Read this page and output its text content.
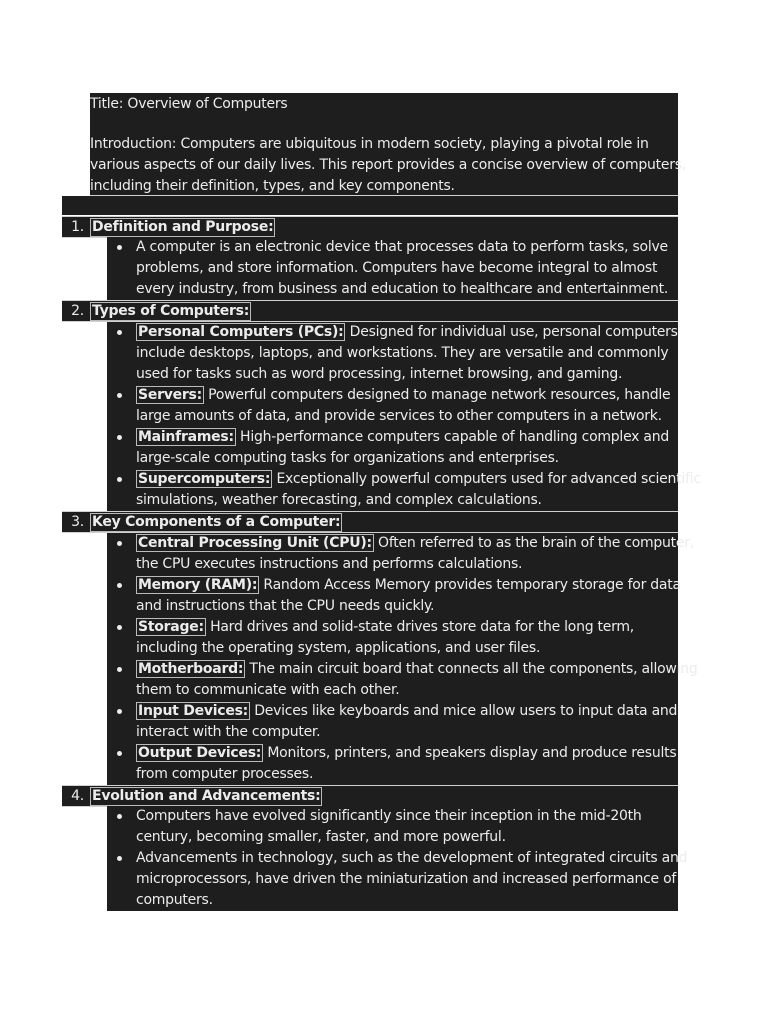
Title: Overview of Computers
Introduction: Computers are ubiquitous in modern society, playing a pivotal role in
various aspects of our daily lives. This report provides a concise overview of computers,
including their definition, types, and key components.
1. Definition and Purpose:
A computer is an electronic device that processes data to perform tasks, solve
problems, and store information. Computers have become integral to almost
every industry, from business and education to healthcare and entertainment.
2. Types of Computers:
Personal Computers (PCs): Designed for individual use, personal computers
include desktops, laptops, and workstations. They are versatile and commonly
used for tasks such as word processing, internet browsing, and gaming.
Servers: Powerful computers designed to manage network resources, handle
large amounts of data, and provide services to other computers in a network.
Mainframes: High-performance computers capable of handling complex and
large-scale computing tasks for organizations and enterprises.
Supercomputers: Exceptionally powerful computers used for advanced scientific
simulations, weather forecasting, and complex calculations.
3. Key Components of a Computer:
Central Processing Unit (CPU): Often referred to as the brain of the computer,
the CPU executes instructions and performs calculations.
Memory (RAM): Random Access Memory provides temporary storage for data
and instructions that the CPU needs quickly.
Storage: Hard drives and solid-state drives store data for the long term,
including the operating system, applications, and user files.
Motherboard: The main circuit board that connects all the components, allowing
them to communicate with each other.
Input Devices: Devices like keyboards and mice allow users to input data and
interact with the computer.
Output Devices: Monitors, printers, and speakers display and produce results
from computer processes.
4. Evolution and Advancements:
Computers have evolved significantly since their inception in the mid-20th
century, becoming smaller, faster, and more powerful.
Advancements in technology, such as the development of integrated circuits and
microprocessors, have driven the miniaturization and increased performance of
computers.
